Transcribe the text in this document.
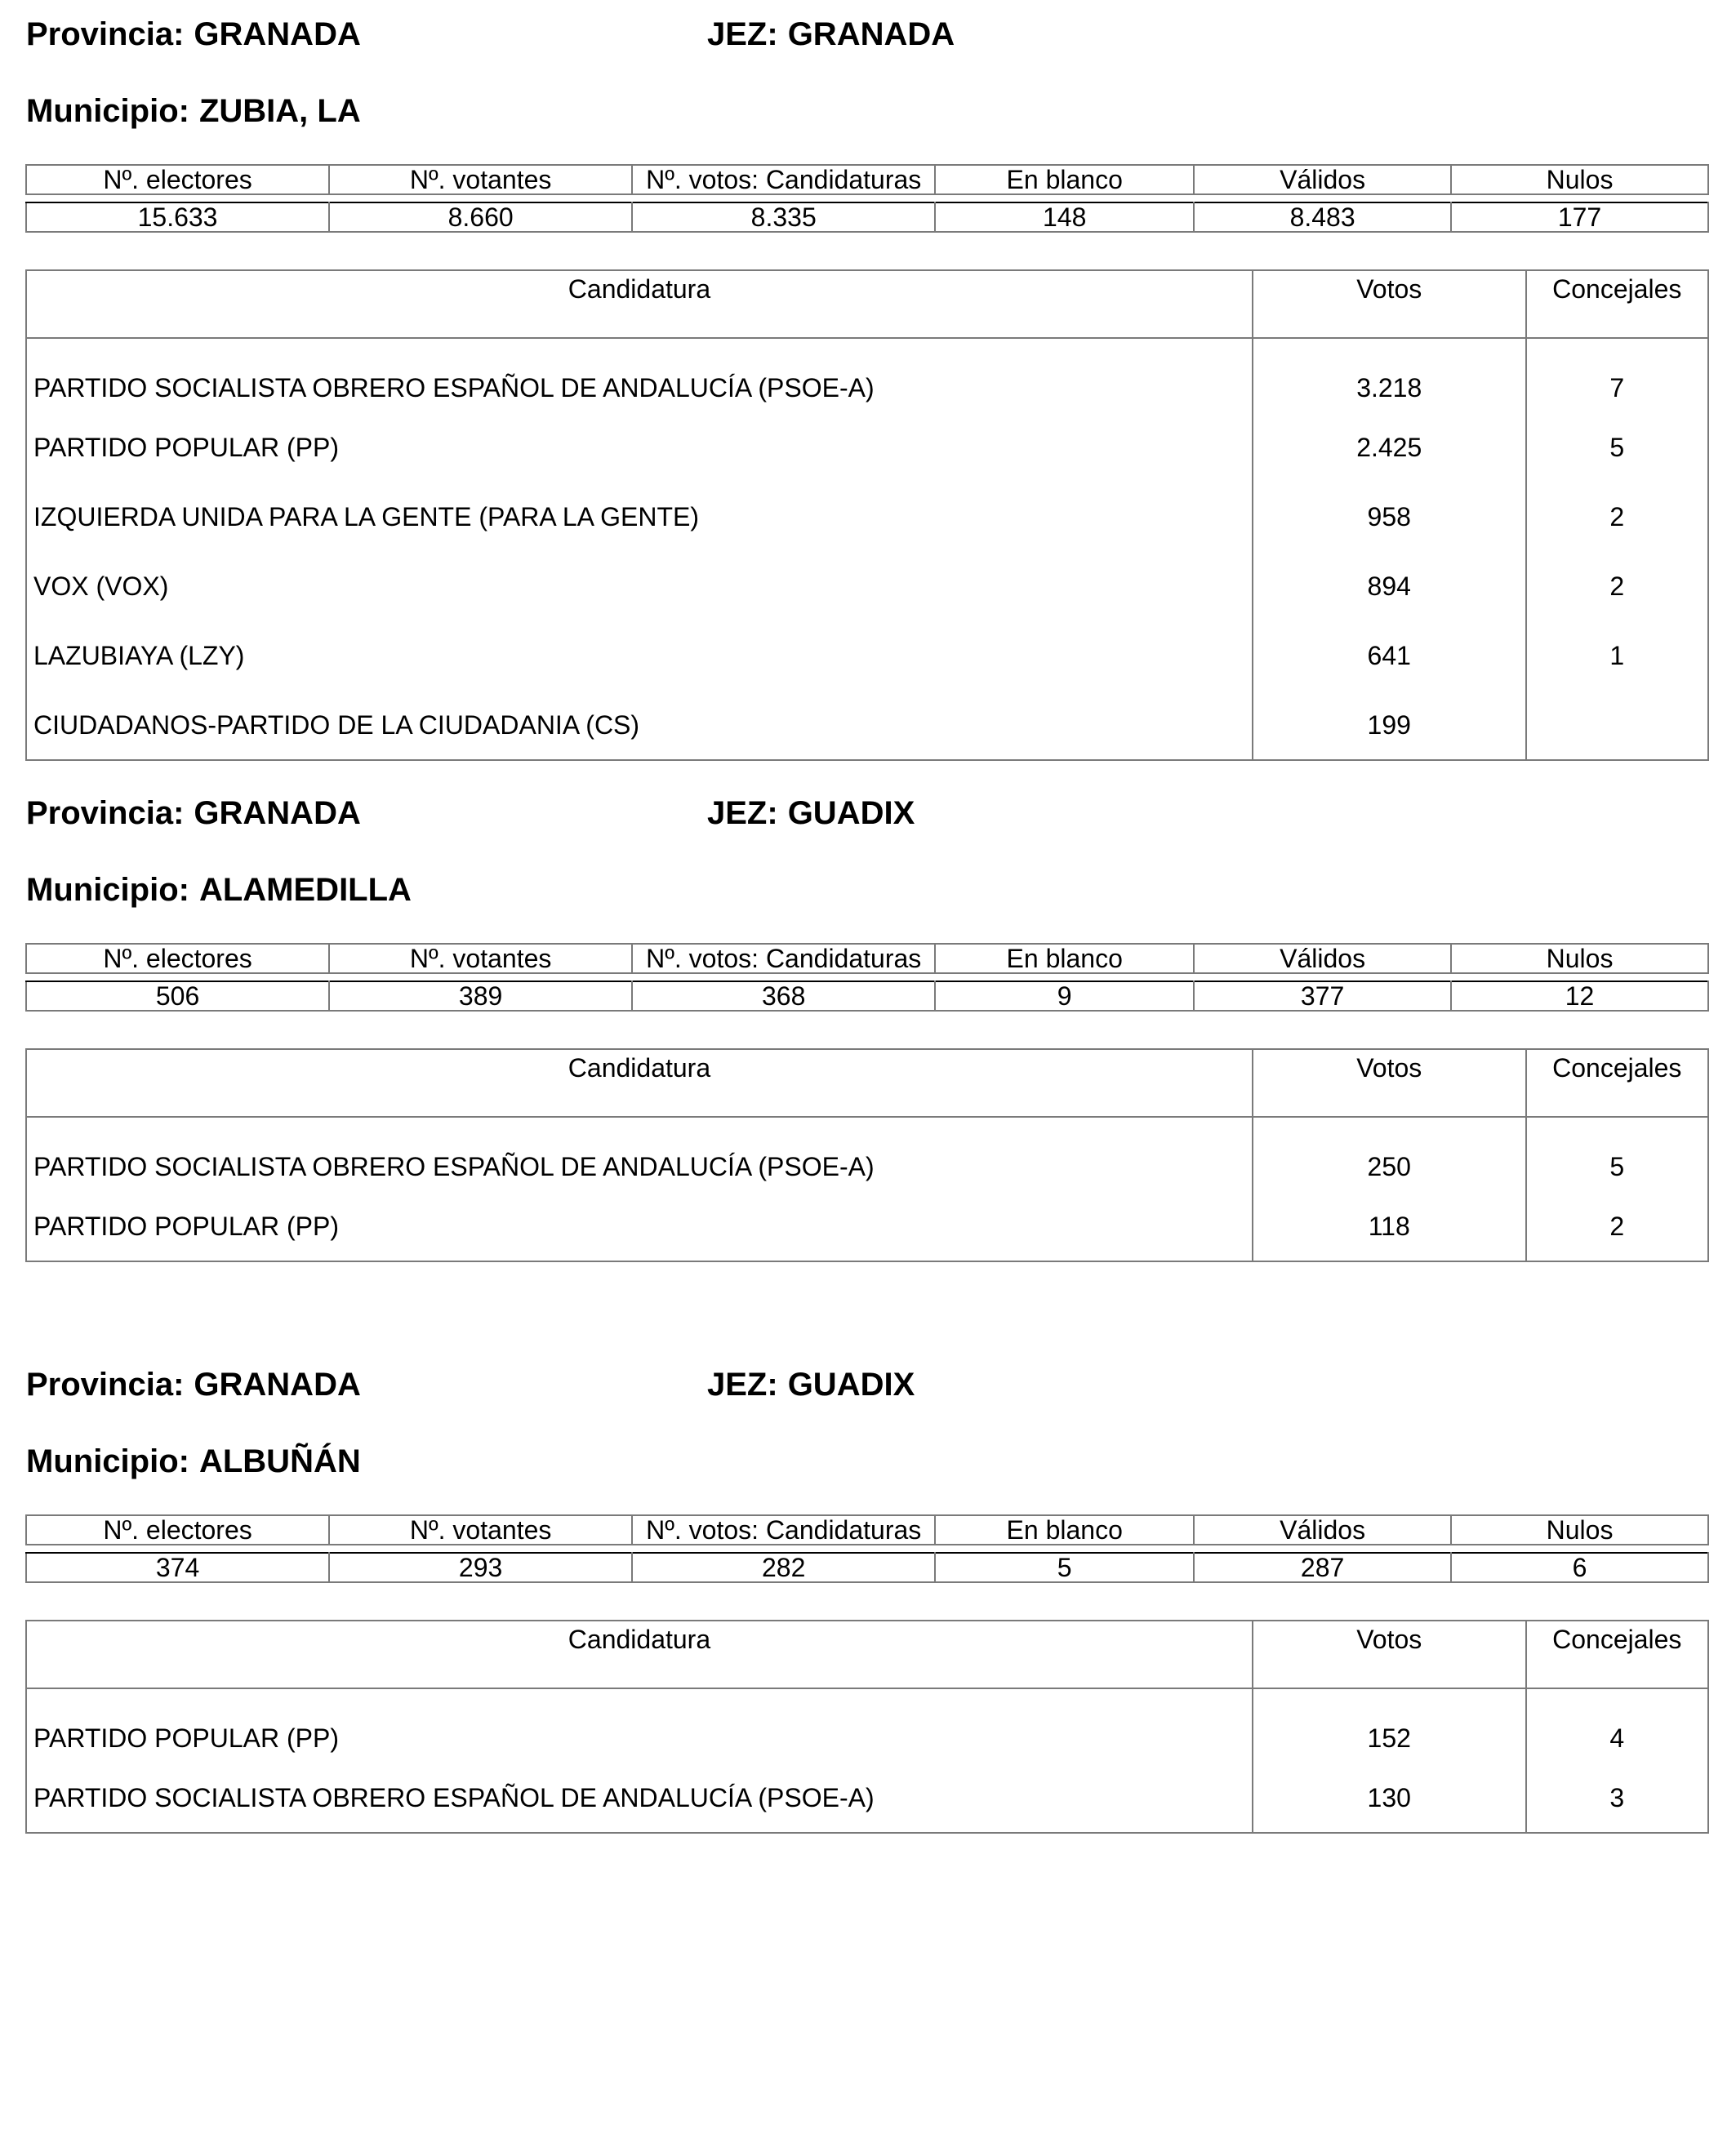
Provincia: GRANADA	JEZ: GRANADA
Municipio: ZUBIA, LA
Nº. electores	Nº. votantes	Nº. votos: Candidaturas	En blanco	Válidos	Nulos

15.633	8.660	8.335	148	8.483	177
Candidatura	Votos	Concejales
PARTIDO SOCIALISTA OBRERO ESPAÑOL DE ANDALUCÍA (PSOE-A)	3.218	7
PARTIDO POPULAR (PP)	2.425	5
IZQUIERDA UNIDA PARA LA GENTE (PARA LA GENTE)	958	2
VOX (VOX)	894	2
LAZUBIAYA (LZY)	641	1
CIUDADANOS-PARTIDO DE LA CIUDADANIA (CS)	199	
Provincia: GRANADA	JEZ: GUADIX
Municipio: ALAMEDILLA
Nº. electores	Nº. votantes	Nº. votos: Candidaturas	En blanco	Válidos	Nulos

506	389	368	9	377	12
Candidatura	Votos	Concejales
PARTIDO SOCIALISTA OBRERO ESPAÑOL DE ANDALUCÍA (PSOE-A)	250	5
PARTIDO POPULAR (PP)	118	2
Provincia: GRANADA	JEZ: GUADIX
Municipio: ALBUÑÁN
Nº. electores	Nº. votantes	Nº. votos: Candidaturas	En blanco	Válidos	Nulos

374	293	282	5	287	6
Candidatura	Votos	Concejales
PARTIDO POPULAR (PP)	152	4
PARTIDO SOCIALISTA OBRERO ESPAÑOL DE ANDALUCÍA (PSOE-A)	130	3
